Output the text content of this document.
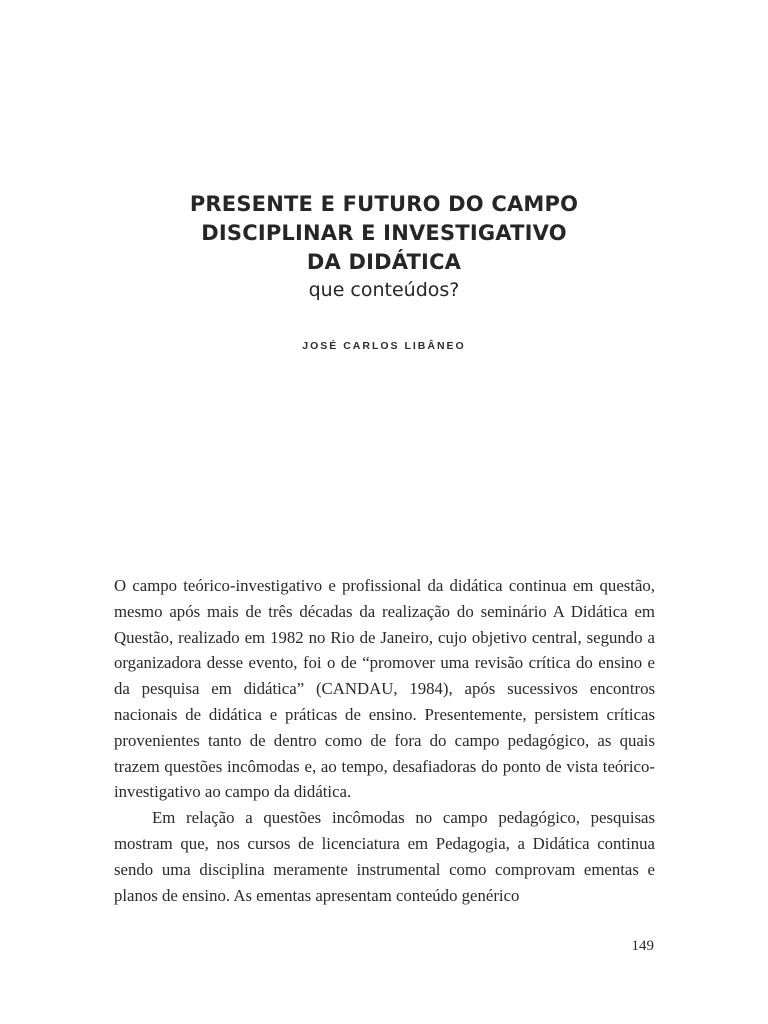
PRESENTE E FUTURO DO CAMPO

DISCIPLINAR E INVESTIGATIVO

DA DIDÁTICA

que conteúdos?

JOSÉ CARLOS LIBÂNEO

O campo teórico-investigativo e profissional da didática continua em questão, mesmo após mais de três décadas da realização do seminário A Didática em Questão, realizado em 1982 no Rio de Janeiro, cujo objetivo central, segundo a organizadora desse evento, foi o de “promover uma revisão crítica do ensino e da pesquisa em didática” (CANDAU, 1984), após sucessivos encontros nacionais de didática e práticas de ensino. Presentemente, persistem críticas provenientes tanto de dentro como de fora do campo pedagógico, as quais trazem questões incômodas e, ao tempo, desafiadoras do ponto de vista teórico-investigativo ao campo da didática.

Em relação a questões incômodas no campo pedagógico, pesquisas mostram que, nos cursos de licenciatura em Pedagogia, a Didática continua sendo uma disciplina meramente instrumental como comprovam ementas e planos de ensino. As ementas apresentam conteúdo genérico

149
